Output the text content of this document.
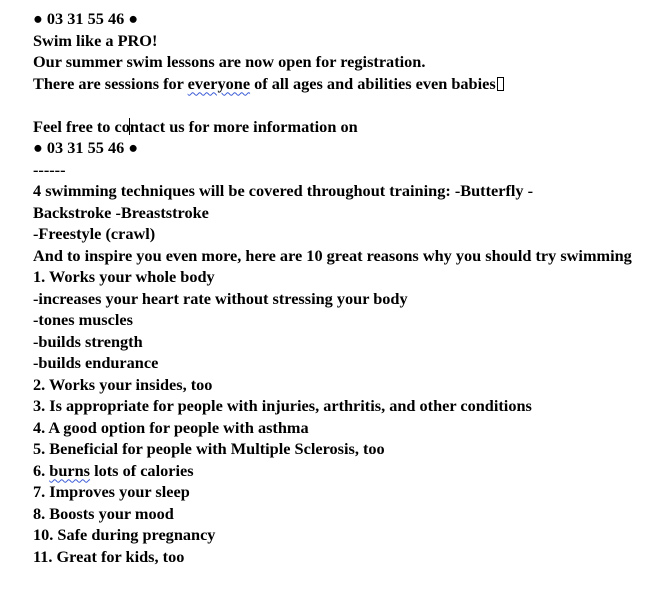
● 03 31 55 46 ●
Swim like a PRO!
Our summer swim lessons are now open for registration.
There are sessions for everyone of all ages and abilities even babies
Feel free to contact us for more information on
● 03 31 55 46 ●
------
4 swimming techniques will be covered throughout training: -Butterfly -
Backstroke -Breaststroke
-Freestyle (crawl)
And to inspire you even more, here are 10 great reasons why you should try swimming
1. Works your whole body
-increases your heart rate without stressing your body
-tones muscles
-builds strength
-builds endurance
2. Works your insides, too
3. Is appropriate for people with injuries, arthritis, and other conditions
4. A good option for people with asthma
5. Beneficial for people with Multiple Sclerosis, too
6. burns lots of calories
7. Improves your sleep
8. Boosts your mood
10. Safe during pregnancy
11. Great for kids, too
